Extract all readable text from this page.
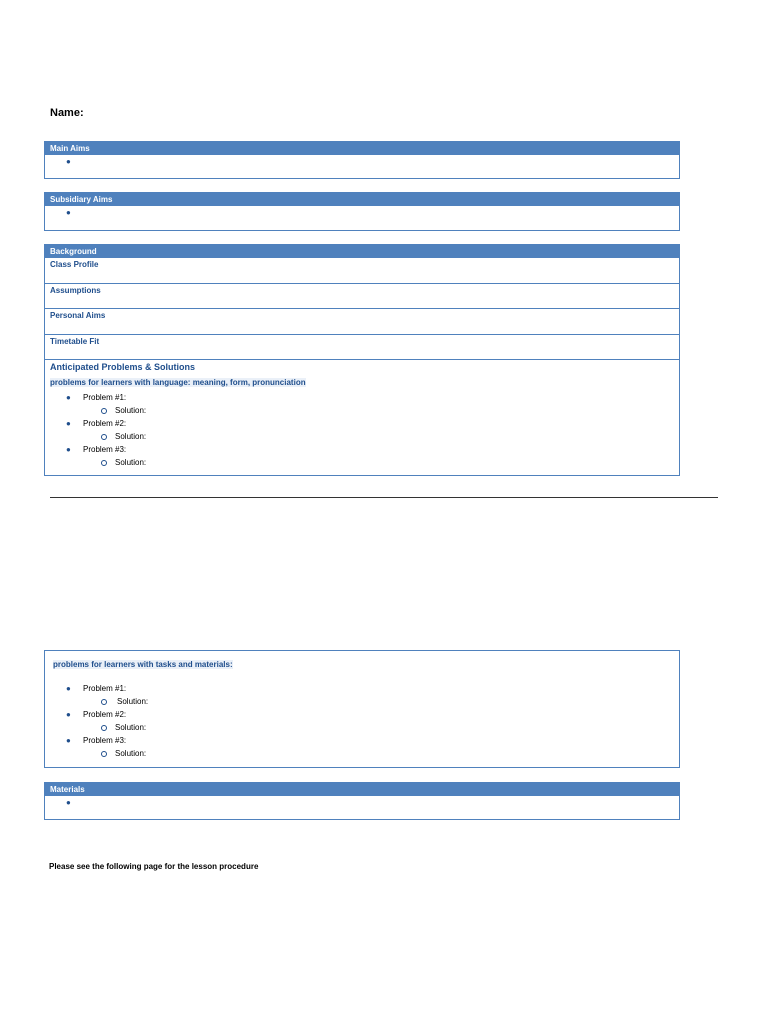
Name:
Main Aims
●
Subsidiary Aims
●
Background
Class Profile
Assumptions
Personal Aims
Timetable Fit
Anticipated Problems & Solutions
problems for learners with language: meaning, form, pronunciation
● Problem #1:
Solution:
● Problem #2:
Solution:
● Problem #3:
Solution:
problems for learners with tasks and materials:
● Problem #1:
Solution:
● Problem #2:
Solution:
● Problem #3:
Solution:
Materials
●
Please see the following page for the lesson procedure
